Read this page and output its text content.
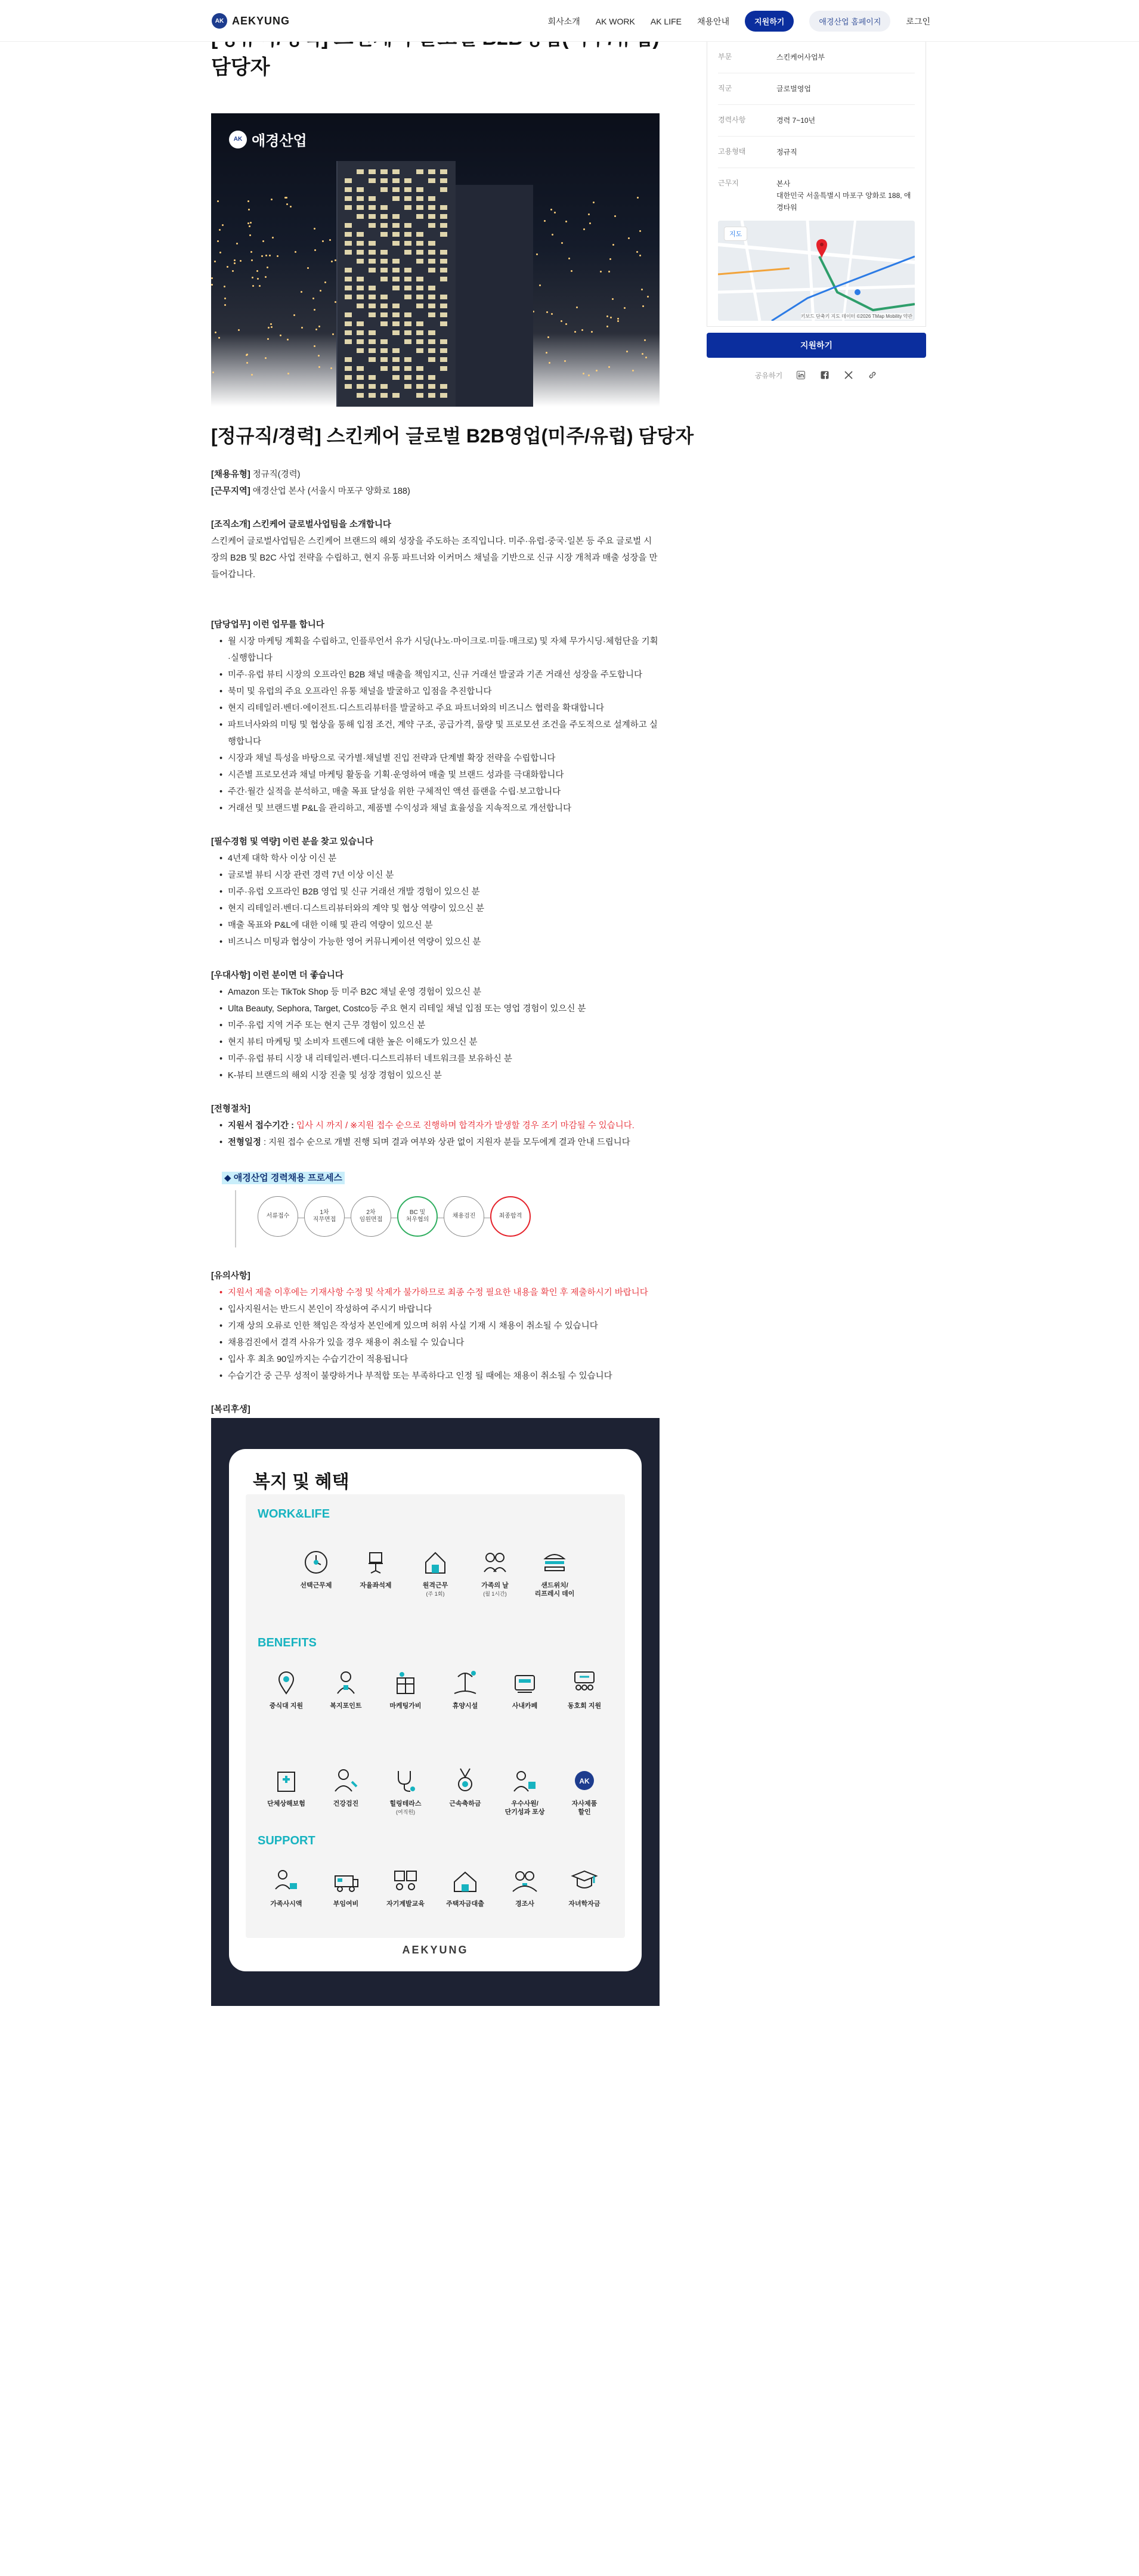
AK AEKYUNG	회사소개 AK WORK AK LIFE 채용안내	지원하기	애경산업 홈페이지	로그인
담당자
AK 애경산업
[정규직/경력] 스킨케어 글로벌 B2B영업(미주/유럽) 담당자

[채용유형] 정규직(경력)

[근무지역] 애경산업 본사 (서울시 마포구 양화로 188)

[조직소개] 스킨케어 글로벌사업팀을 소개합니다

스킨케어 글로벌사업팀은 스킨케어 브랜드의 해외 성장을 주도하는 조직입니다. 미주·유럽·중국·일본 등 주요 글로벌 시장의 B2B 및 B2C 사업 전략을 수립하고, 현지 유통 파트너와 이커머스 채널을 기반으로 신규 시장 개척과 매출 성장을 만들어갑니다.

[담당업무] 이런 업무를 합니다

• 월 시장 마케팅 계획을 수립하고, 인플루언서 유가 시딩(나노·마이크로·미들·매크로) 및 자체 무가시딩·체험단을 기획·실행합니다
• 미주·유럽 뷰티 시장의 오프라인 B2B 채널 매출을 책임지고, 신규 거래선 발굴과 기존 거래선 성장을 주도합니다
• 북미 및 유럽의 주요 오프라인 유통 채널을 발굴하고 입점을 추진합니다
• 현지 리테일러·벤더·에이전트·디스트리뷰터를 발굴하고 주요 파트너와의 비즈니스 협력을 확대합니다
• 파트너사와의 미팅 및 협상을 통해 입점 조건, 계약 구조, 공급가격, 물량 및 프로모션 조건을 주도적으로 설계하고 실행합니다
• 시장과 채널 특성을 바탕으로 국가별·채널별 진입 전략과 단계별 확장 전략을 수립합니다
• 시즌별 프로모션과 채널 마케팅 활동을 기획·운영하여 매출 및 브랜드 성과를 극대화합니다
• 주간·월간 실적을 분석하고, 매출 목표 달성을 위한 구체적인 액션 플랜을 수립·보고합니다
• 거래선 및 브랜드별 P&L을 관리하고, 제품별 수익성과 채널 효율성을 지속적으로 개선합니다

[필수경험 및 역량] 이런 분을 찾고 있습니다

• 4년제 대학 학사 이상 이신 분
• 글로벌 뷰티 시장 관련 경력 7년 이상 이신 분
• 미주·유럽 오프라인 B2B 영업 및 신규 거래선 개발 경험이 있으신 분
• 현지 리테일러·벤더·디스트리뷰터와의 계약 및 협상 역량이 있으신 분
• 매출 목표와 P&L에 대한 이해 및 관리 역량이 있으신 분
• 비즈니스 미팅과 협상이 가능한 영어 커뮤니케이션 역량이 있으신 분

[우대사항] 이런 분이면 더 좋습니다

• Amazon 또는 TikTok Shop 등 미주 B2C 채널 운영 경험이 있으신 분
• Ulta Beauty, Sephora, Target, Costco등 주요 현지 리테일 채널 입점 또는 영업 경험이 있으신 분
• 미주·유럽 지역 거주 또는 현지 근무 경험이 있으신 분
• 현지 뷰티 마케팅 및 소비자 트렌드에 대한 높은 이해도가 있으신 분
• 미주·유럽 뷰티 시장 내 리테일러·벤더·디스트리뷰터 네트워크를 보유하신 분
• K-뷰티 브랜드의 해외 시장 진출 및 성장 경험이 있으신 분

[전형절차]

• 지원서 접수기간 : 입사 시 까지 / ※지원 접수 순으로 진행하며 합격자가 발생할 경우 조기 마감될 수 있습니다.
• 전형일정 : 지원 접수 순으로 개별 진행 되며 결과 여부와 상관 없이 지원자 분들 모두에게 결과 안내 드립니다
◆ 애경산업 경력채용 프로세스
서류접수
1차
직무면접
2차
임원면접
BC 및
처우협의
채용검진	최종합격

[유의사항]

• 지원서 제출 이후에는 기재사항 수정 및 삭제가 불가하므로 최종 수정 필요한 내용을 확인 후 제출하시기 바랍니다
• 입사지원서는 반드시 본인이 작성하여 주시기 바랍니다
• 기재 상의 오류로 인한 책임은 작성자 본인에게 있으며 허위 사실 기재 시 채용이 취소될 수 있습니다
• 채용검진에서 결격 사유가 있을 경우 채용이 취소될 수 있습니다
• 입사 후 최초 90일까지는 수습기간이 적용됩니다
• 수습기간 중 근무 성적이 불량하거나 부적합 또는 부족하다고 인정 될 때에는 채용이 취소될 수 있습니다

[복리후생]

복지 및 혜택
WORK&LIFE
선택근무제	자율좌석제	원격근무
(주 1회)
가족의 날
(월 1시간)
샌드위치/
리프레시 데이
BENEFITS
중식대 지원	복지포인트	마케팅가비	휴양시설	사내카페	동호회 지원
단체상해보험	건강검진	힐링테라스
(여직원)
근속축하금	우수사원/
단기성과 포상
AK
자사제품
할인
SUPPORT
가족사시액	부임여비	자기계발교육	주택자금대출	경조사	자녀학자금
AEKYUNG
부문	스킨케어사업부
직군	글로벌영업
경력사항	경력 7~10년
고용형태	정규직
근무지	본사
대한민국 서울특별시 마포구 양화로 188, 애경타워
지도
키보드 단축키 지도 데이터 ©2026 TMap Mobility 약관
지원하기
공유하기
